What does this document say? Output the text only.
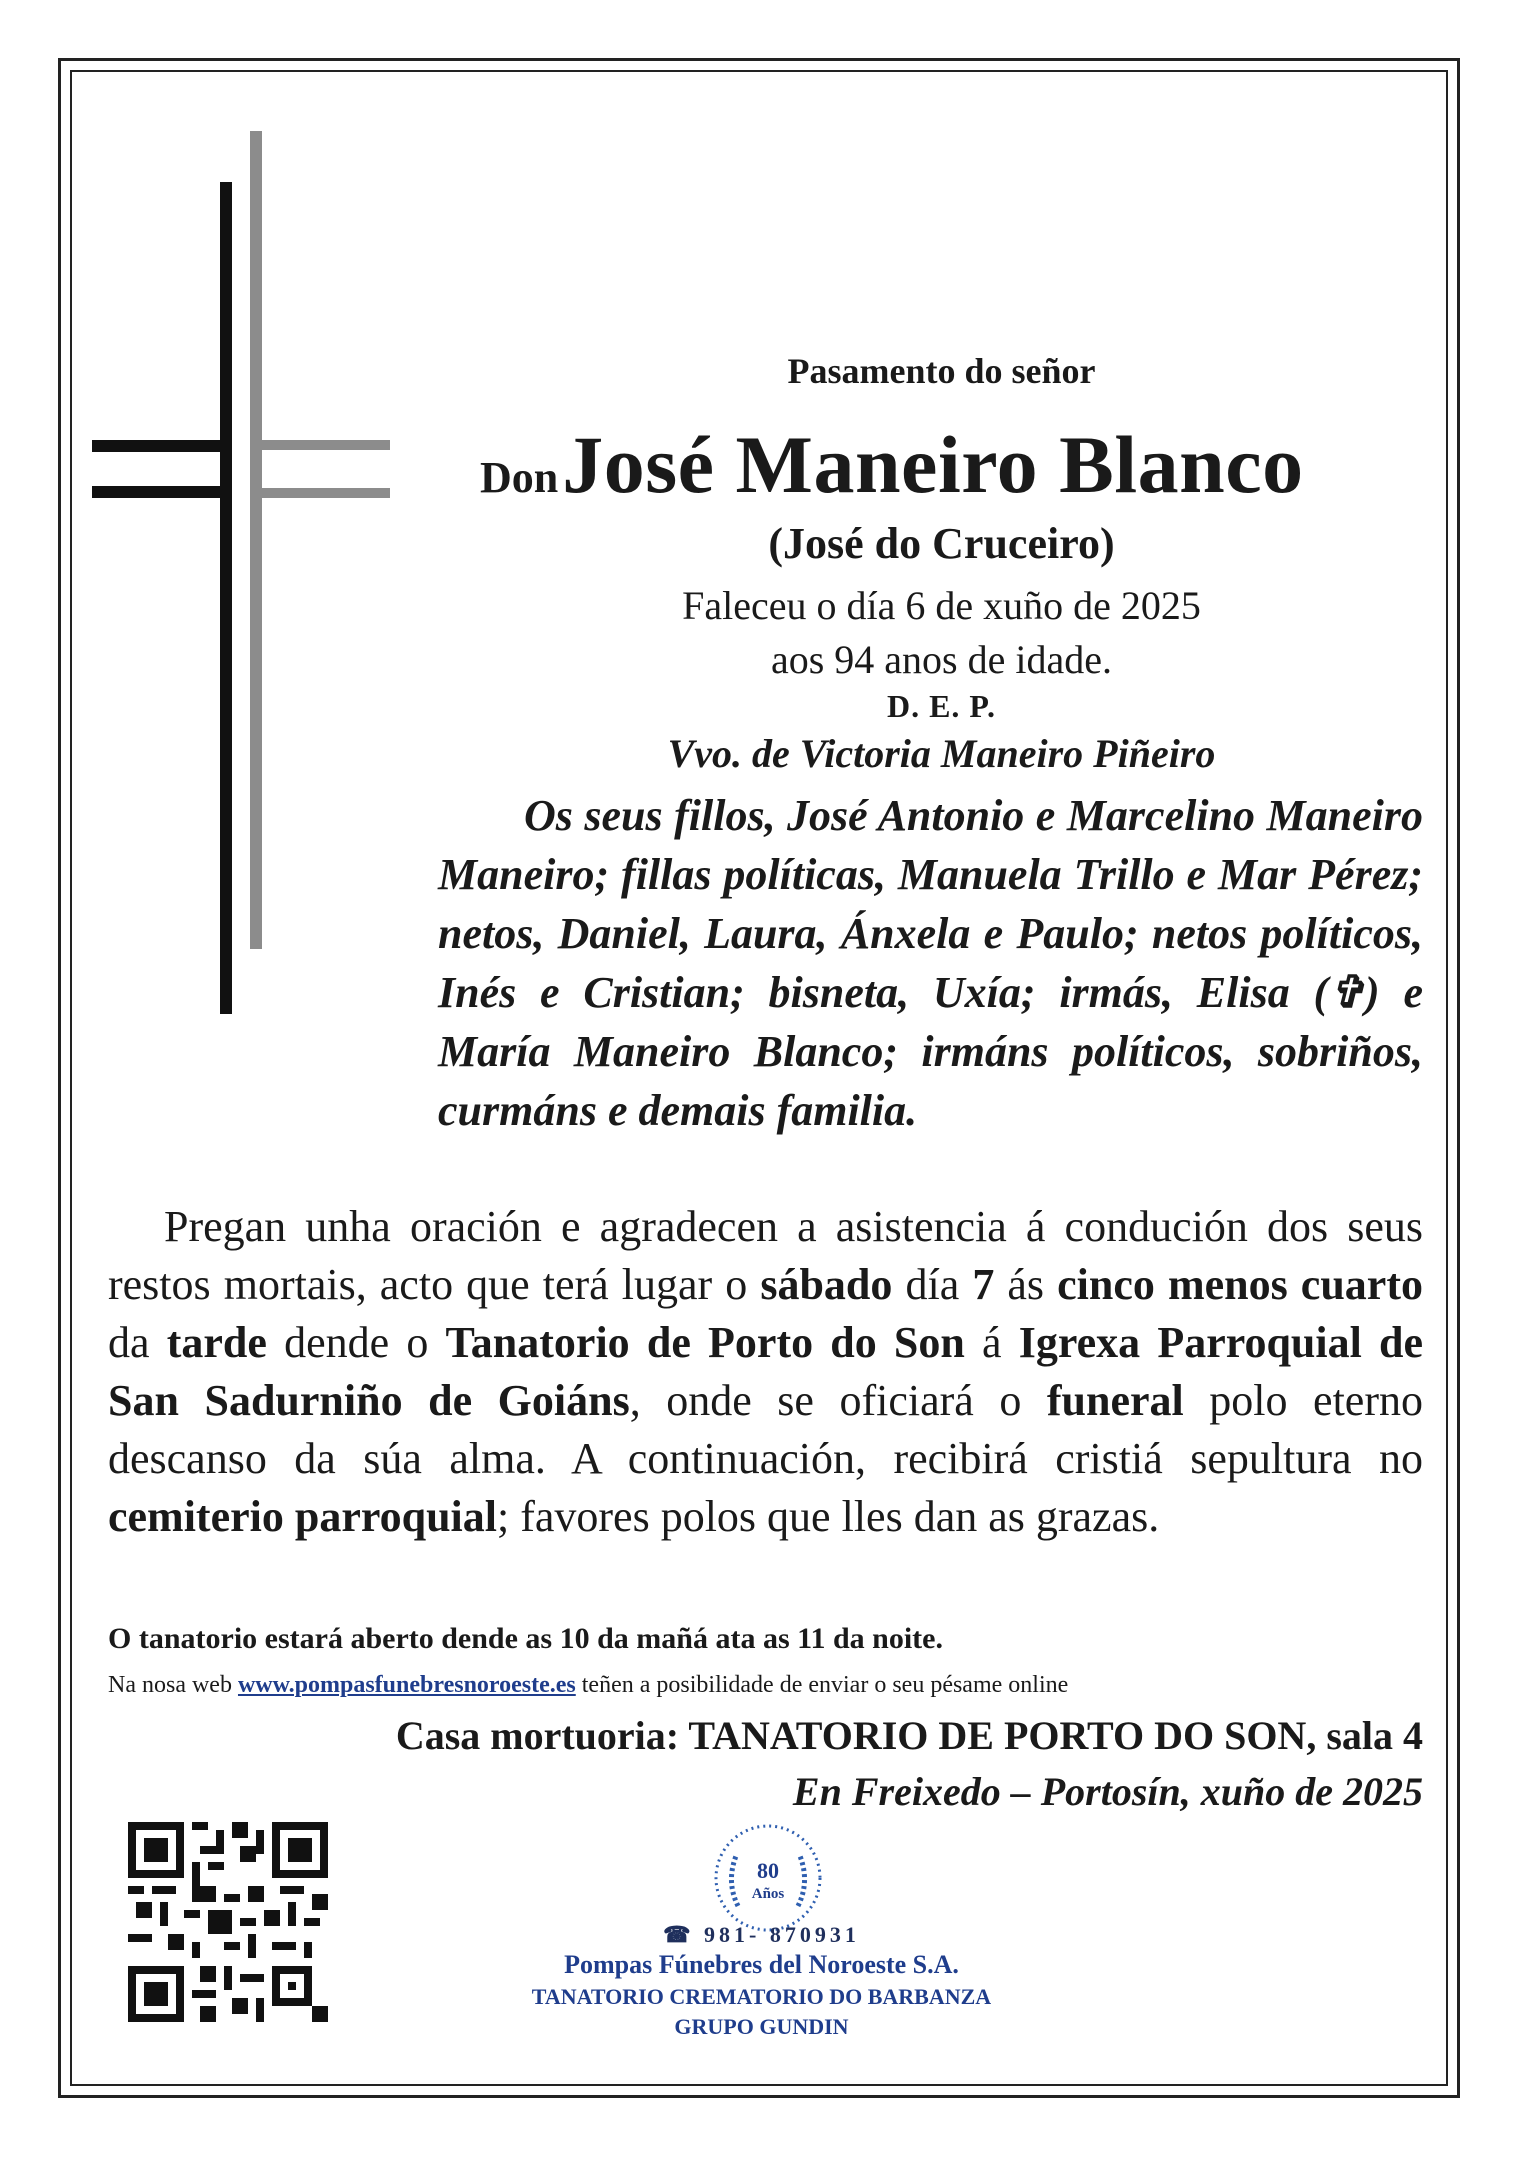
Pasamento do señor
Don José Maneiro Blanco
(José do Cruceiro)
Faleceu o día 6 de xuño de 2025
aos 94 anos de idade.
D. E. P.
Vvo. de Victoria Maneiro Piñeiro
Os seus fillos, José Antonio e Marcelino Maneiro Maneiro; fillas políticas, Manuela Trillo e Mar Pérez; netos, Daniel, Laura, Ánxela e Paulo; netos políticos, Inés e Cristian; bisneta, Uxía; irmás, Elisa (✞) e María Maneiro Blanco; irmáns políticos, sobriños, curmáns e demais familia.
Pregan unha oración e agradecen a asistencia á condución dos seus restos mortais, acto que terá lugar o sábado día 7 ás cinco menos cuarto da tarde dende o Tanatorio de Porto do Son á Igrexa Parroquial de San Sadurniño de Goiáns, onde se oficiará o funeral polo eterno descanso da súa alma. A continuación, recibirá cristiá sepultura no cemiterio parroquial; favores polos que lles dan as grazas.
O tanatorio estará aberto dende as 10 da mañá ata as 11 da noite.
Na nosa web www.pompasfunebresnoroeste.es teñen a posibilidade de enviar o seu pésame online
Casa mortuoria: TANATORIO DE PORTO DO SON, sala 4
En Freixedo – Portosín, xuño de 2025
80
Años
☎ 981- 870931
Pompas Fúnebres del Noroeste S.A.
TANATORIO CREMATORIO DO BARBANZA
GRUPO GUNDIN
